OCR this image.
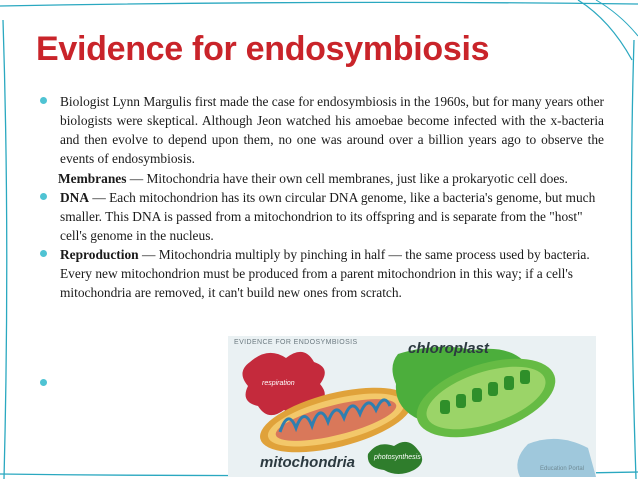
Evidence for endosymbiosis

Biologist Lynn Margulis first made the case for endosymbiosis in the 1960s, but for many years other biologists were skeptical. Although Jeon watched his amoebae become infected with the x-bacteria and then evolve to depend upon them, no one was around over a billion years ago to observe the events of endosymbiosis.

Membranes — Mitochondria have their own cell membranes, just like a prokaryotic cell does.

DNA — Each mitochondrion has its own circular DNA genome, like a bacteria's genome, but much smaller. This DNA is passed from a mitochondrion to its offspring and is separate from the "host" cell's genome in the nucleus.

Reproduction — Mitochondria multiply by pinching in half — the same process used by bacteria. Every new mitochondrion must be produced from a parent mitochondrion in this way; if a cell's mitochondria are removed, it can't build new ones from scratch.

EVIDENCE FOR ENDOSYMBIOSIS	chloroplast
mitochondria
respiration
photosynthesis
Education Portal
